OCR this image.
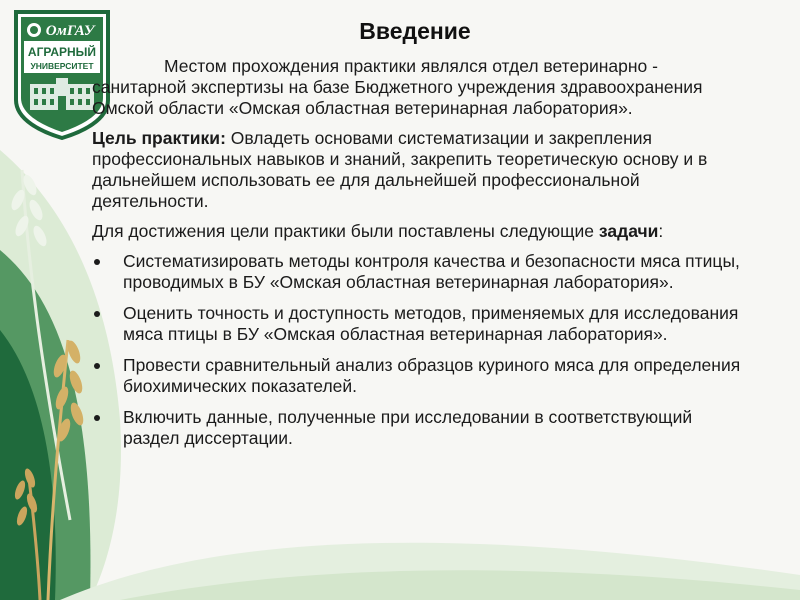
ОмГАУ
АГРАРНЫЙ
УНИВЕРСИТЕТ
Введение

Местом прохождения практики являлся отдел ветеринарно - санитарной экспертизы на базе Бюджетного учреждения здравоохранения Омской области «Омская областная ветеринарная лаборатория».

Цель практики: Овладеть основами систематизации и закрепления профессиональных навыков и знаний, закрепить теоретическую основу и в дальнейшем использовать ее для дальнейшей профессиональной деятельности.

Для достижения цели практики были поставлены следующие задачи:

Систематизировать методы контроля качества и безопасности мяса птицы, проводимых в БУ «Омская областная ветеринарная лаборатория».
Оценить точность и доступность методов, применяемых для исследования мяса птицы в БУ «Омская областная ветеринарная лаборатория».
Провести сравнительный анализ образцов куриного мяса для определения биохимических показателей.
Включить данные, полученные при исследовании в соответствующий раздел диссертации.
